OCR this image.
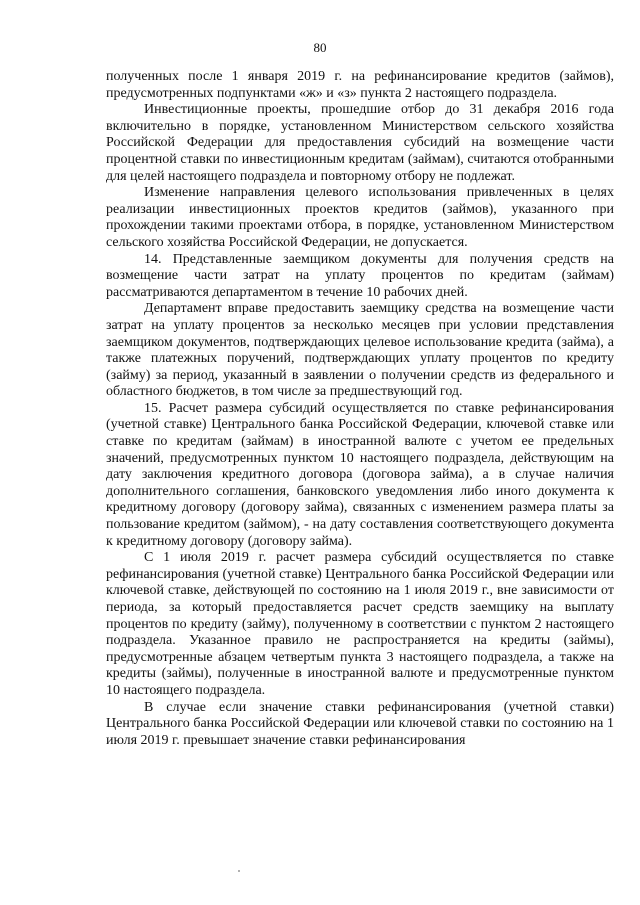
80

полученных после 1 января 2019 г. на рефинансирование кредитов (займов), предусмотренных подпунктами «ж» и «з» пункта 2 настоящего подраздела.

Инвестиционные проекты, прошедшие отбор до 31 декабря 2016 года включительно в порядке, установленном Министерством сельского хозяйства Российской Федерации для предоставления субсидий на возмещение части процентной ставки по инвестиционным кредитам (займам), считаются отобранными для целей настоящего подраздела и повторному отбору не подлежат.

Изменение направления целевого использования привлеченных в целях реализации инвестиционных проектов кредитов (займов), указанного при прохождении такими проектами отбора, в порядке, установленном Министерством сельского хозяйства Российской Федерации, не допускается.

14. Представленные заемщиком документы для получения средств на возмещение части затрат на уплату процентов по кредитам (займам) рассматриваются департаментом в течение 10 рабочих дней.

Департамент вправе предоставить заемщику средства на возмещение части затрат на уплату процентов за несколько месяцев при условии представления заемщиком документов, подтверждающих целевое использование кредита (займа), а также платежных поручений, подтверждающих уплату процентов по кредиту (займу) за период, указанный в заявлении о получении средств из федерального и областного бюджетов, в том числе за предшествующий год.

15. Расчет размера субсидий осуществляется по ставке рефинансирования (учетной ставке) Центрального банка Российской Федерации, ключевой ставке или ставке по кредитам (займам) в иностранной валюте с учетом ее предельных значений, предусмотренных пунктом 10 настоящего подраздела, действующим на дату заключения кредитного договора (договора займа), а в случае наличия дополнительного соглашения, банковского уведомления либо иного документа к кредитному договору (договору займа), связанных с изменением размера платы за пользование кредитом (займом), - на дату составления соответствующего документа к кредитному договору (договору займа).

С 1 июля 2019 г. расчет размера субсидий осуществляется по ставке рефинансирования (учетной ставке) Центрального банка Российской Федерации или ключевой ставке, действующей по состоянию на 1 июля 2019 г., вне зависимости от периода, за который предоставляется расчет средств заемщику на выплату процентов по кредиту (займу), полученному в соответствии с пунктом 2 настоящего подраздела. Указанное правило не распространяется на кредиты (займы), предусмотренные абзацем четвертым пункта 3 настоящего подраздела, а также на кредиты (займы), полученные в иностранной валюте и предусмотренные пунктом 10 настоящего подраздела.

В случае если значение ставки рефинансирования (учетной ставки) Центрального банка Российской Федерации или ключевой ставки по состоянию на 1 июля 2019 г. превышает значение ставки рефинансирования
